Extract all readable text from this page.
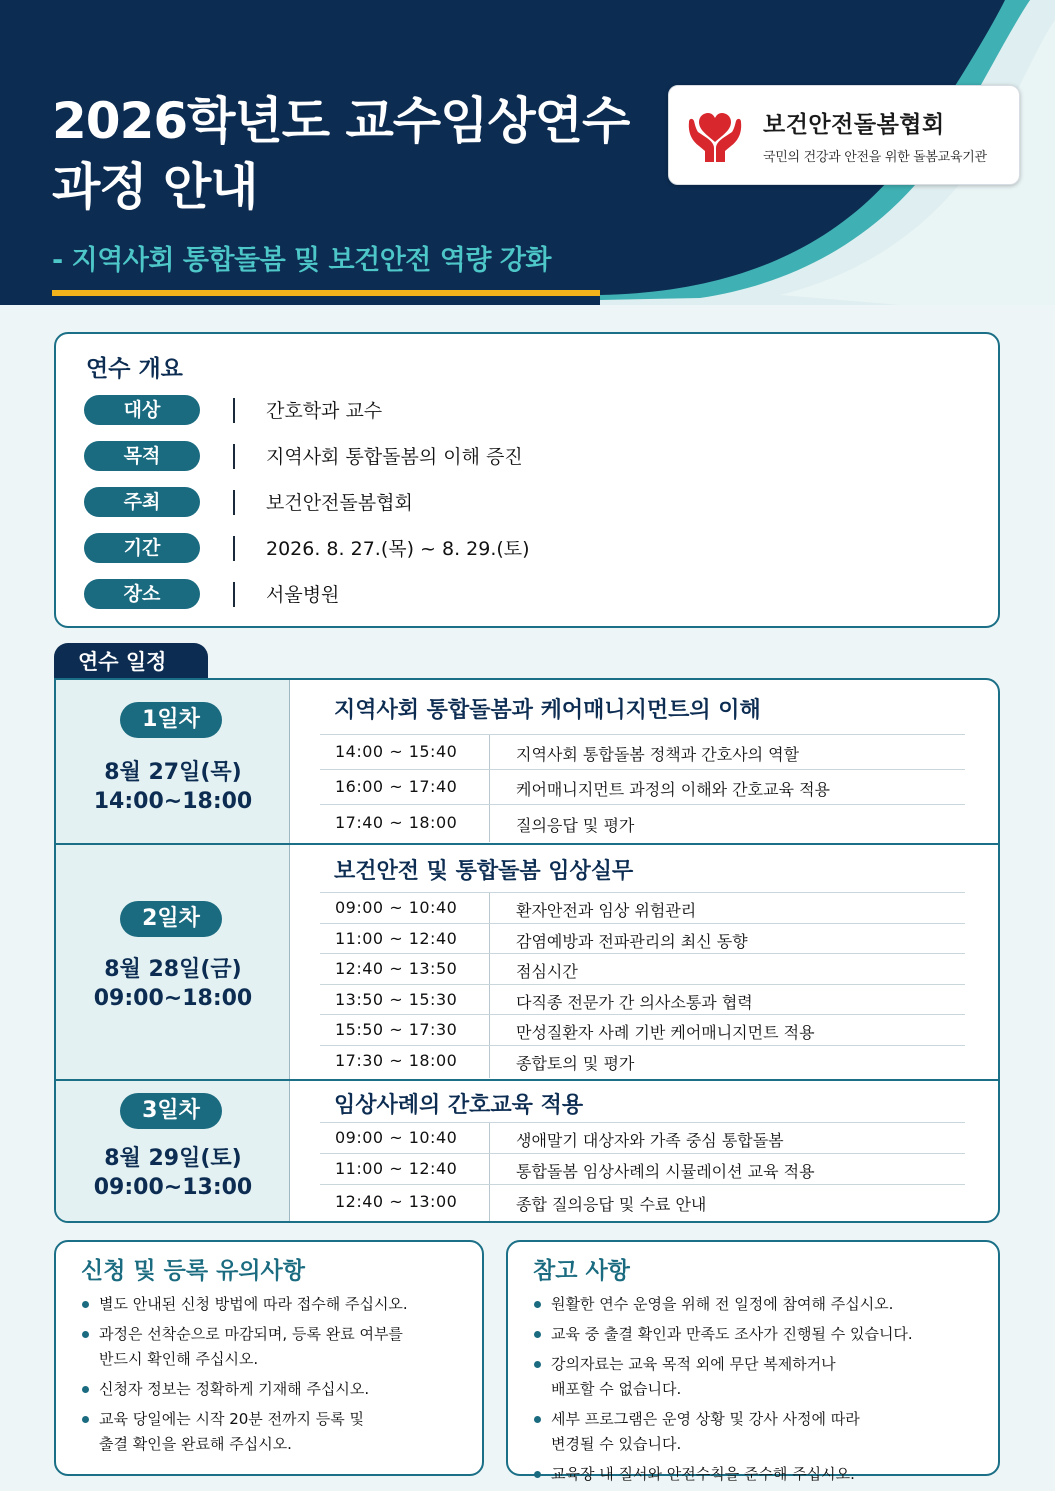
2026학년도 교수임상연수
과정 안내
- 지역사회 통합돌봄 및 보건안전 역량 강화
보건안전돌봄협회
국민의 건강과 안전을 위한 돌봄교육기관
연수 개요
대상	간호학과 교수
목적	지역사회 통합돌봄의 이해 증진
주최	보건안전돌봄협회
기간	2026. 8. 27.(목) ~ 8. 29.(토)
장소	서울병원
연수 일정
1일차
8월 27일(목)
14:00~18:00
지역사회 통합돌봄과 케어매니지먼트의 이해
14:00 ~ 15:40	지역사회 통합돌봄 정책과 간호사의 역할
16:00 ~ 17:40	케어매니지먼트 과정의 이해와 간호교육 적용
17:40 ~ 18:00	질의응답 및 평가
2일차
8월 28일(금)
09:00~18:00
보건안전 및 통합돌봄 임상실무
09:00 ~ 10:40	환자안전과 임상 위험관리
11:00 ~ 12:40	감염예방과 전파관리의 최신 동향
12:40 ~ 13:50	점심시간
13:50 ~ 15:30	다직종 전문가 간 의사소통과 협력
15:50 ~ 17:30	만성질환자 사례 기반 케어매니지먼트 적용
17:30 ~ 18:00	종합토의 및 평가
3일차
8월 29일(토)
09:00~13:00
임상사례의 간호교육 적용
09:00 ~ 10:40	생애말기 대상자와 가족 중심 통합돌봄
11:00 ~ 12:40	통합돌봄 임상사례의 시뮬레이션 교육 적용
12:40 ~ 13:00	종합 질의응답 및 수료 안내
신청 및 등록 유의사항
별도 안내된 신청 방법에 따라 접수해 주십시오.
과정은 선착순으로 마감되며, 등록 완료 여부를
반드시 확인해 주십시오.
신청자 정보는 정확하게 기재해 주십시오.
교육 당일에는 시작 20분 전까지 등록 및
출결 확인을 완료해 주십시오.
참고 사항
원활한 연수 운영을 위해 전 일정에 참여해 주십시오.
교육 중 출결 확인과 만족도 조사가 진행될 수 있습니다.
강의자료는 교육 목적 외에 무단 복제하거나
배포할 수 없습니다.
세부 프로그램은 운영 상황 및 강사 사정에 따라
변경될 수 있습니다.
교육장 내 질서와 안전수칙을 준수해 주십시오.
